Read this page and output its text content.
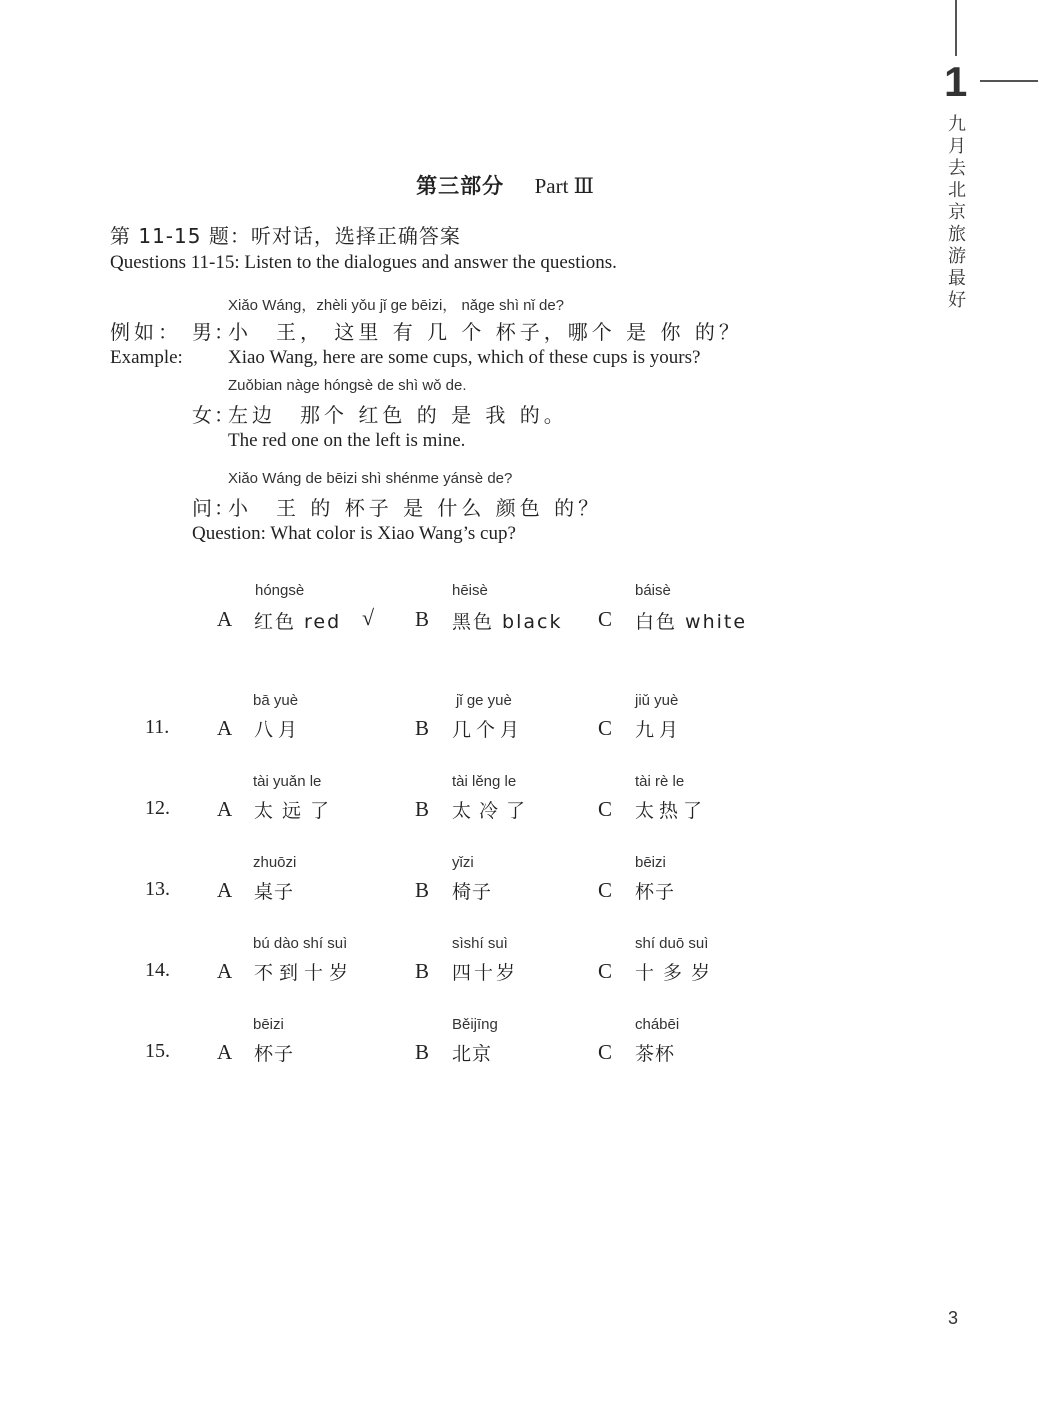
1
九月去北京旅游最好
第三部分 Part Ⅲ
第 11-15 题：听对话，选择正确答案
Questions 11-15: Listen to the dialogues and answer the questions.
Xiǎo Wáng，zhèli yǒu jǐ ge bēizi， nǎge shì nǐ de?
例如： 男：
小　王， 这里 有 几 个 杯子，哪个 是 你 的？
Example: Xiao Wang, here are some cups, which of these cups is yours?
Zuǒbian nàge hóngsè de shì wǒ de.
女：
左边　那个 红色 的 是 我 的。
The red one on the left is mine.
Xiǎo Wáng de bēizi shì shénme yánsè de?
问：
小　王 的 杯子 是 什么 颜色 的？
Question: What color is Xiao Wang’s cup?
hóngsè
A 红色 red √
hēisè
B 黑色 black
báisè
C 白色 white
11.
bā yuè
A 八月
jǐ ge yuè
B 几个月
jiǔ yuè
C 九月
12.
tài yuǎn le
A 太远了
tài lěng le
B 太冷了
tài rè le
C 太热了
13.
zhuōzi
A 桌子
yǐzi
B 椅子
bēizi
C 杯子
14.
bú dào shí suì
A 不到十岁
sìshí suì
B 四十岁
shí duō suì
C 十多岁
15.
bēizi
A 杯子
Běijīng
B 北京
chábēi
C 茶杯
3
